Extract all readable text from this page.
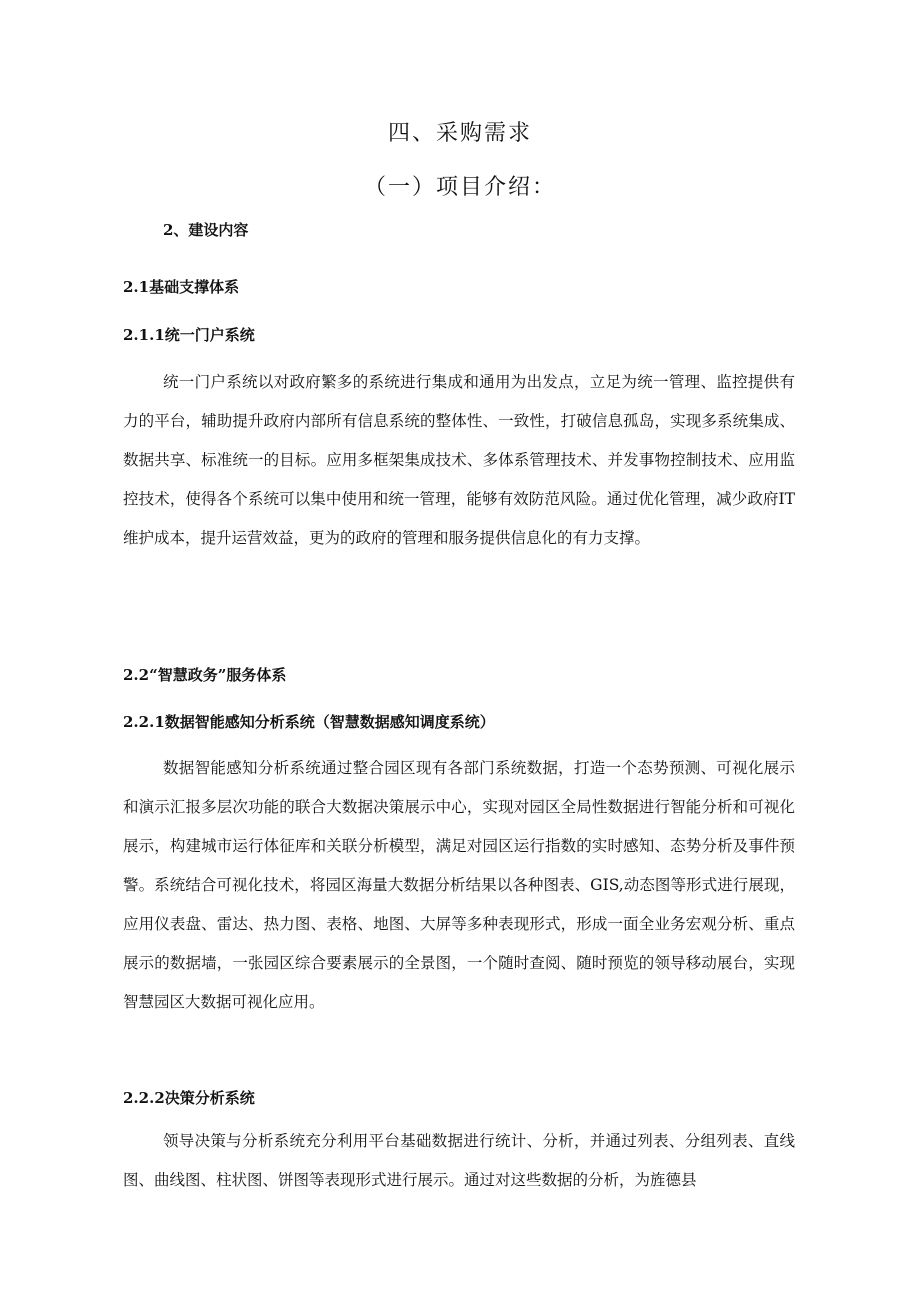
四、采购需求
（一）项目介绍：
2、建设内容
2.1基础支撑体系
2.1.1统一门户系统

统一门户系统以对政府繁多的系统进行集成和通用为出发点，立足为统一管理、监控提供有力的平台，辅助提升政府内部所有信息系统的整体性、一致性，打破信息孤岛，实现多系统集成、数据共享、标准统一的目标。应用多框架集成技术、多体系管理技术、并发事物控制技术、应用监控技术，使得各个系统可以集中使用和统一管理，能够有效防范风险。通过优化管理，减少政府IT维护成本，提升运营效益，更为的政府的管理和服务提供信息化的有力支撑。

2.2“智慧政务”服务体系
2.2.1数据智能感知分析系统（智慧数据感知调度系统）

数据智能感知分析系统通过整合园区现有各部门系统数据，打造一个态势预测、可视化展示和演示汇报多层次功能的联合大数据决策展示中心，实现对园区全局性数据进行智能分析和可视化展示，构建城市运行体征库和关联分析模型，满足对园区运行指数的实时感知、态势分析及事件预警。系统结合可视化技术，将园区海量大数据分析结果以各种图表、GIS,动态图等形式进行展现，应用仪表盘、雷达、热力图、表格、地图、大屏等多种表现形式，形成一面全业务宏观分析、重点展示的数据墙，一张园区综合要素展示的全景图，一个随时查阅、随时预览的领导移动展台，实现智慧园区大数据可视化应用。

2.2.2决策分析系统

领导决策与分析系统充分利用平台基础数据进行统计、分析，并通过列表、分组列表、直线图、曲线图、柱状图、饼图等表现形式进行展示。通过对这些数据的分析，为旌德县
